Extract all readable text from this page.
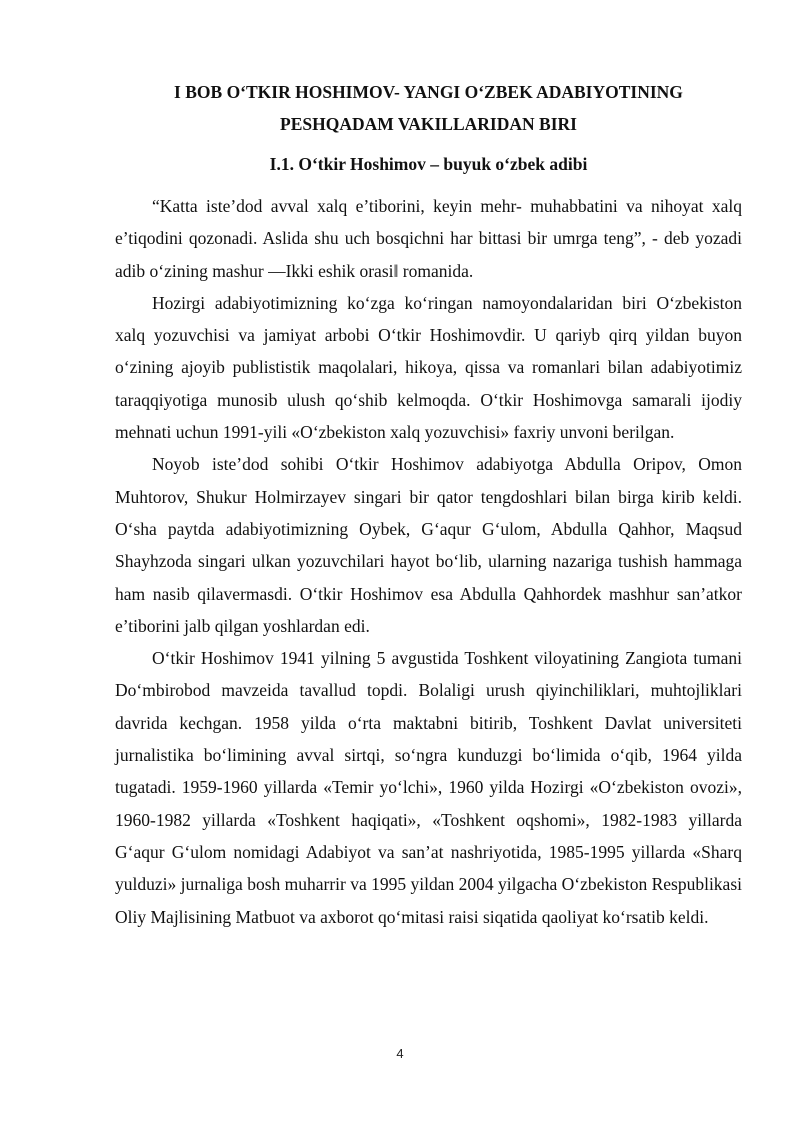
I BOB O‘TKIR HOSHIMOV- YANGI O‘ZBEK ADABIYOTINING

PESHQADAM VAKILLARIDAN BIRI

I.1. O‘tkir Hoshimov – buyuk o‘zbek adibi

“Katta iste’dod avval xalq e’tiborini, keyin mehr- muhabbatini va nihoyat xalq e’tiqodini qozonadi. Aslida shu uch bosqichni har bittasi bir umrga teng”, - deb yozadi adib o‘zining mashur ―Ikki eshik orasi‖ romanida.

Hozirgi adabiyotimizning ko‘zga ko‘ringan namoyondalaridan biri O‘zbekiston xalq yozuvchisi va jamiyat arbobi O‘tkir Hoshimovdir. U qariyb qirq yildan buyon o‘zining ajoyib publististik maqolalari, hikoya, qissa va romanlari bilan adabiyotimiz taraqqiyotiga munosib ulush qo‘shib kelmoqda. O‘tkir Hoshimovga samarali ijodiy mehnati uchun 1991-yili «O‘zbekiston xalq yozuvchisi» faxriy unvoni berilgan.

Noyob iste’dod sohibi O‘tkir Hoshimov adabiyotga Abdulla Oripov, Omon Muhtorov, Shukur Holmirzayev singari bir qator tengdoshlari bilan birga kirib keldi. O‘sha paytda adabiyotimizning Oybek, G‘aqur G‘ulom, Abdulla Qahhor, Maqsud Shayhzoda singari ulkan yozuvchilari hayot bo‘lib, ularning nazariga tushish hammaga ham nasib qilavermasdi. O‘tkir Hoshimov esa Abdulla Qahhordek mashhur san’atkor e’tiborini jalb qilgan yoshlardan edi.

O‘tkir Hoshimov 1941 yilning 5 avgustida Toshkent viloyatining Zangiota tumani Do‘mbirobod mavzeida tavallud topdi. Bolaligi urush qiyinchiliklari, muhtojliklari davrida kechgan. 1958 yilda o‘rta maktabni bitirib, Toshkent Davlat universiteti jurnalistika bo‘limining avval sirtqi, so‘ngra kunduzgi bo‘limida o‘qib, 1964 yilda tugatadi. 1959-1960 yillarda «Temir yo‘lchi», 1960 yilda Hozirgi «O‘zbekiston ovozi», 1960-1982 yillarda «Toshkent haqiqati», «Toshkent oqshomi», 1982-1983 yillarda G‘aqur G‘ulom nomidagi Adabiyot va san’at nashriyotida, 1985-1995 yillarda «Sharq yulduzi» jurnaliga bosh muharrir va 1995 yildan 2004 yilgacha O‘zbekiston Respublikasi Oliy Majlisining Matbuot va axborot qo‘mitasi raisi siqatida qaoliyat ko‘rsatib keldi.

4
